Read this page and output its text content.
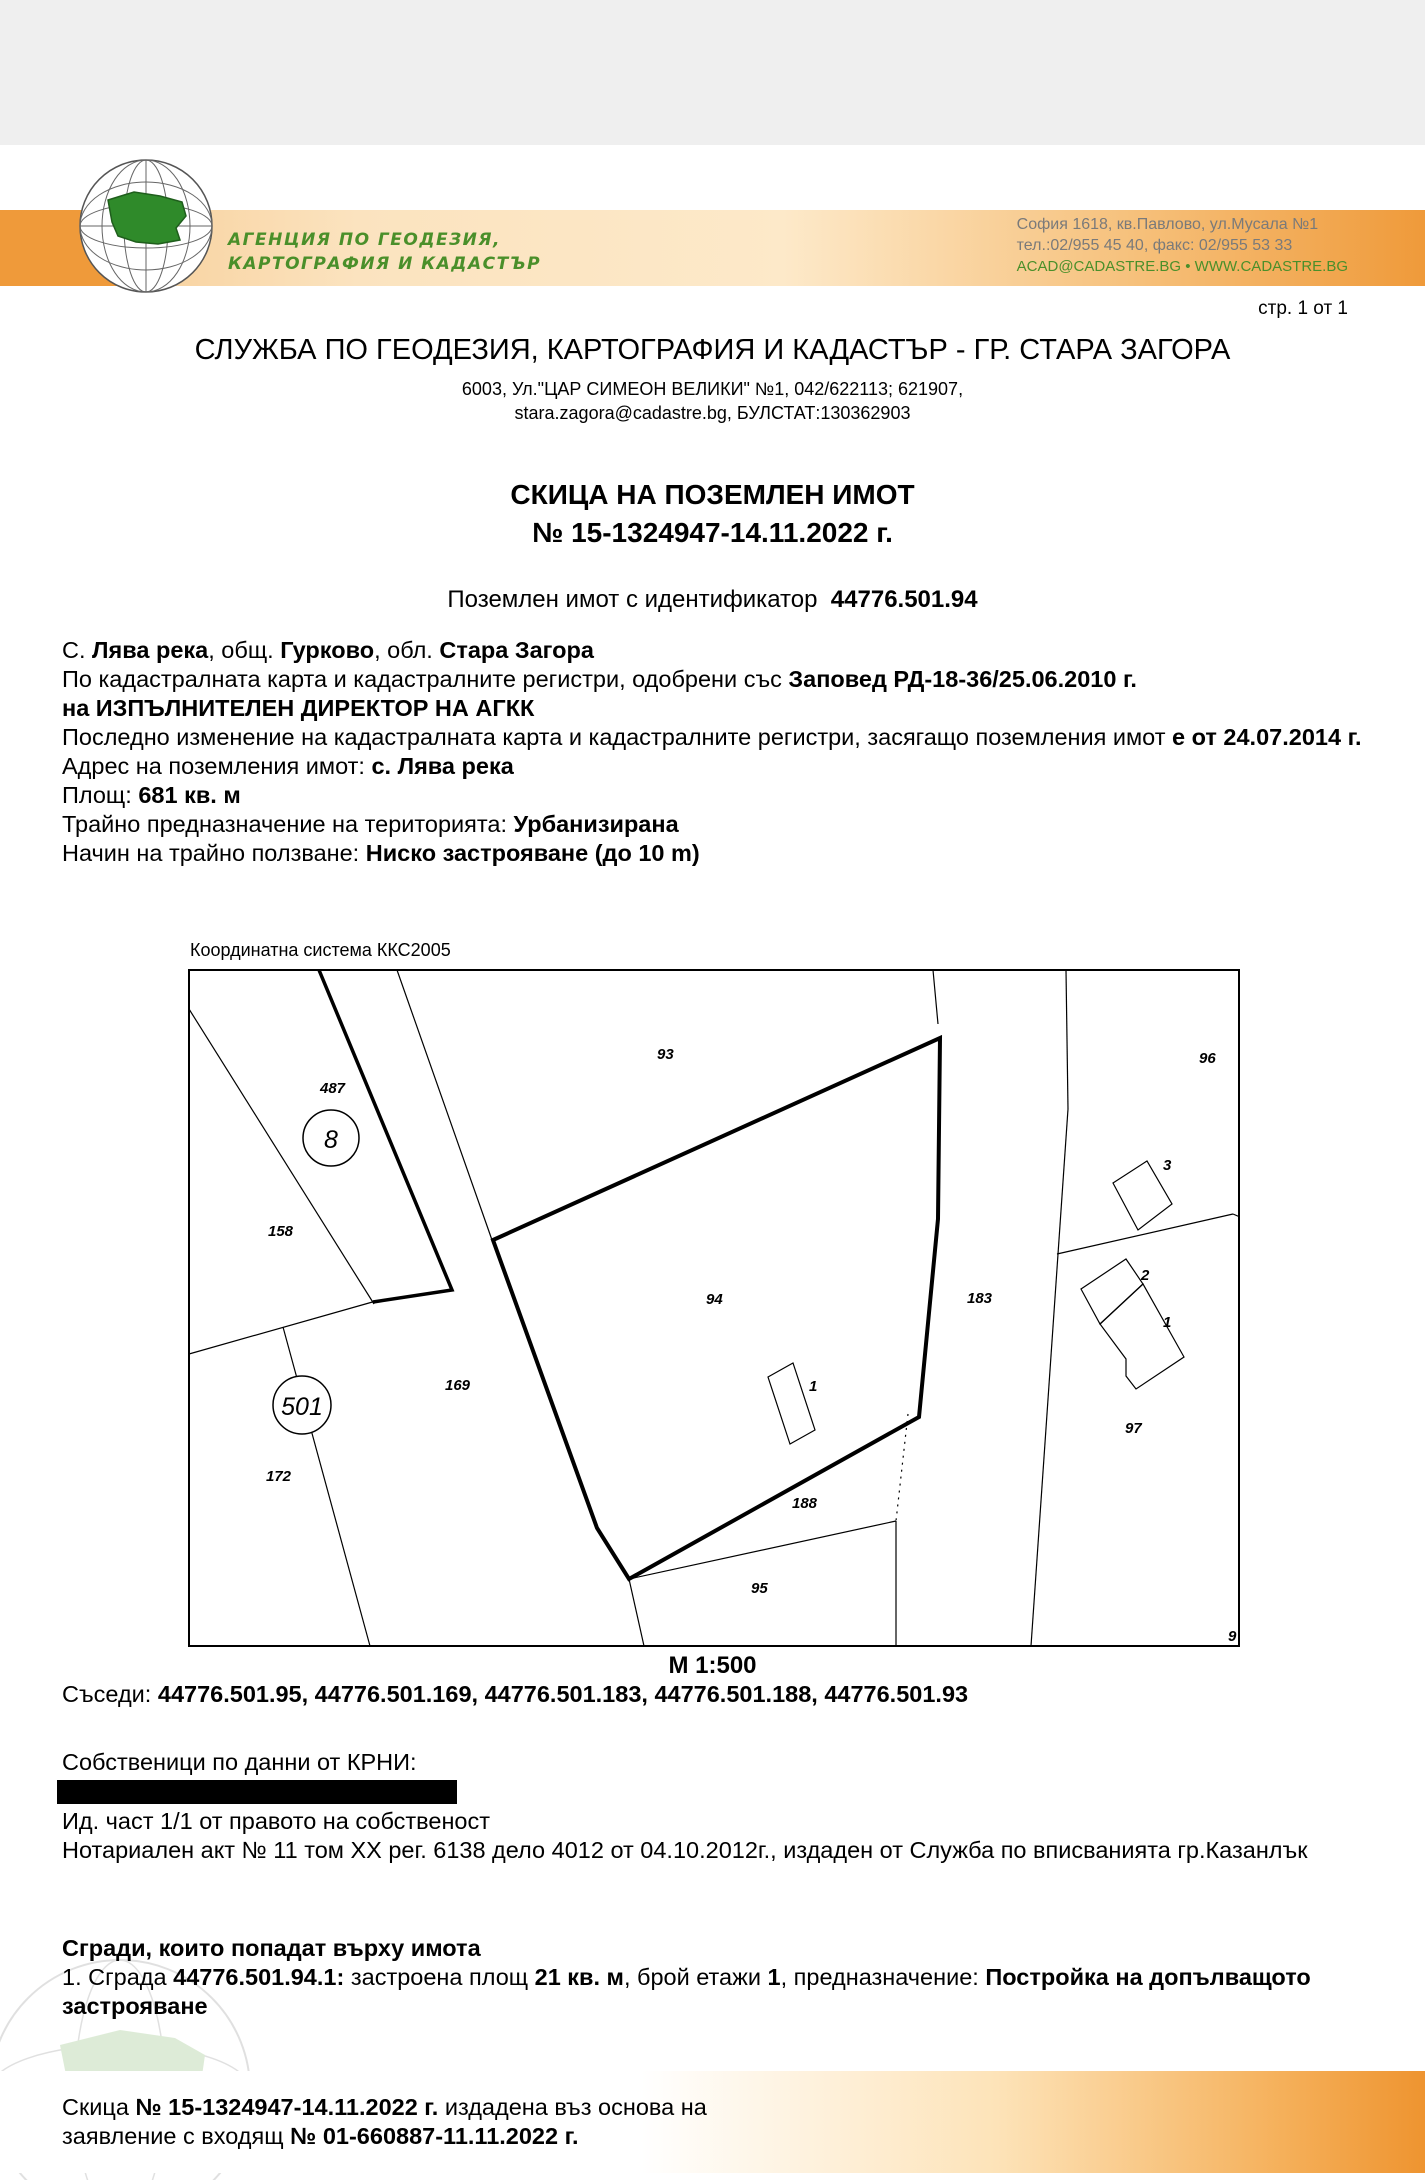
АГЕНЦИЯ ПО ГЕОДЕЗИЯ,
КАРТОГРАФИЯ И КАДАСТЪР
София 1618, кв.Павлово, ул.Мусала №1
тел.:02/955 45 40, факс: 02/955 53 33
ACAD@CADASTRE.BG • WWW.CADASTRE.BG
стр. 1 от 1
СЛУЖБА ПО ГЕОДЕЗИЯ, КАРТОГРАФИЯ И КАДАСТЪР - ГР. СТАРА ЗАГОРА
6003, Ул."ЦАР СИМЕОН ВЕЛИКИ" №1, 042/622113; 621907,
stara.zagora@cadastre.bg, БУЛСТАТ:130362903
СКИЦА НА ПОЗЕМЛЕН ИМОТ
№ 15-1324947-14.11.2022 г.
Поземлен имот с идентификатор 44776.501.94

С. Лява река, общ. Гурково, обл. Стара Загора

По кадастралната карта и кадастралните регистри, одобрени със Заповед РД-18-36/25.06.2010 г.

на ИЗПЪЛНИТЕЛЕН ДИРЕКТОР НА АГКК

Последно изменение на кадастралната карта и кадастралните регистри, засягащо поземления имот е от 24.07.2014 г.

Адрес на поземления имот: с. Лява река

Площ: 681 кв. м

Трайно предназначение на територията: Урбанизирана

Начин на трайно ползване: Ниско застрояване (до 10 m)

Координатна система ККС2005
487
8
158
501
169
172
93
94
1
188
95
183
96
3
2
1
97
9
М 1:500
Съседи: 44776.501.95, 44776.501.169, 44776.501.183, 44776.501.188, 44776.501.93

Собственици по данни от КРНИ:

Ид. част 1/1 от правото на собственост

Нотариален акт № 11 том XX рег. 6138 дело 4012 от 04.10.2012г., издаден от Служба по вписванията гр.Казанлък

Сгради, които попадат върху имота

1. Сграда 44776.501.94.1: застроена площ 21 кв. м, брой етажи 1, предназначение: Постройка на допълващото застрояване

Скица № 15-1324947-14.11.2022 г. издадена въз основа на
заявление с входящ № 01-660887-11.11.2022 г.
